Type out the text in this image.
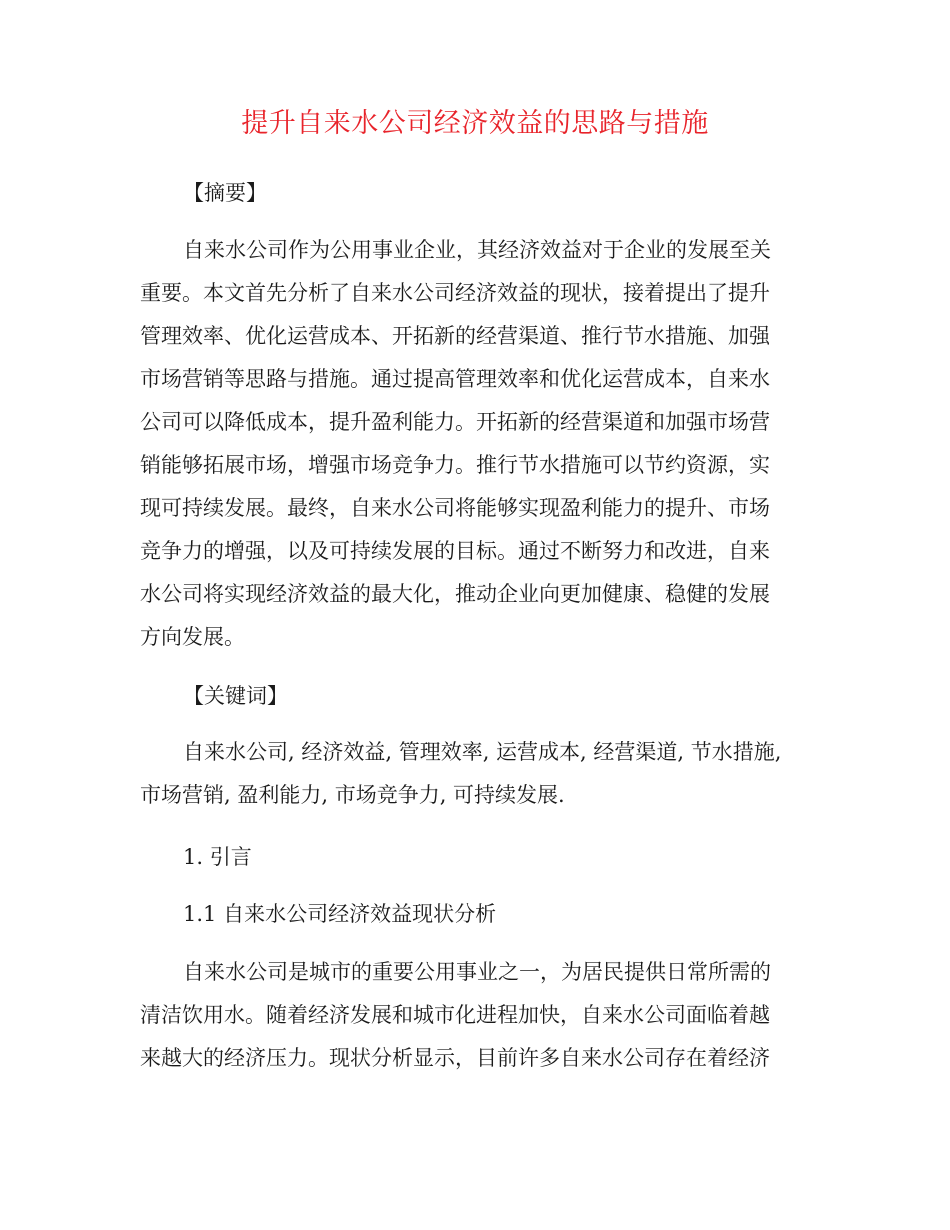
提升自来水公司经济效益的思路与措施
【摘要】
自来水公司作为公用事业企业，其经济效益对于企业的发展至关
重要。本文首先分析了自来水公司经济效益的现状，接着提出了提升
管理效率、优化运营成本、开拓新的经营渠道、推行节水措施、加强
市场营销等思路与措施。通过提高管理效率和优化运营成本，自来水
公司可以降低成本，提升盈利能力。开拓新的经营渠道和加强市场营
销能够拓展市场，增强市场竞争力。推行节水措施可以节约资源，实
现可持续发展。最终，自来水公司将能够实现盈利能力的提升、市场
竞争力的增强，以及可持续发展的目标。通过不断努力和改进，自来
水公司将实现经济效益的最大化，推动企业向更加健康、稳健的发展
方向发展。
【关键词】
自来水公司, 经济效益, 管理效率, 运营成本, 经营渠道, 节水措施,
市场营销, 盈利能力, 市场竞争力, 可持续发展.
1. 引言
1.1 自来水公司经济效益现状分析
自来水公司是城市的重要公用事业之一，为居民提供日常所需的
清洁饮用水。随着经济发展和城市化进程加快，自来水公司面临着越
来越大的经济压力。现状分析显示，目前许多自来水公司存在着经济
